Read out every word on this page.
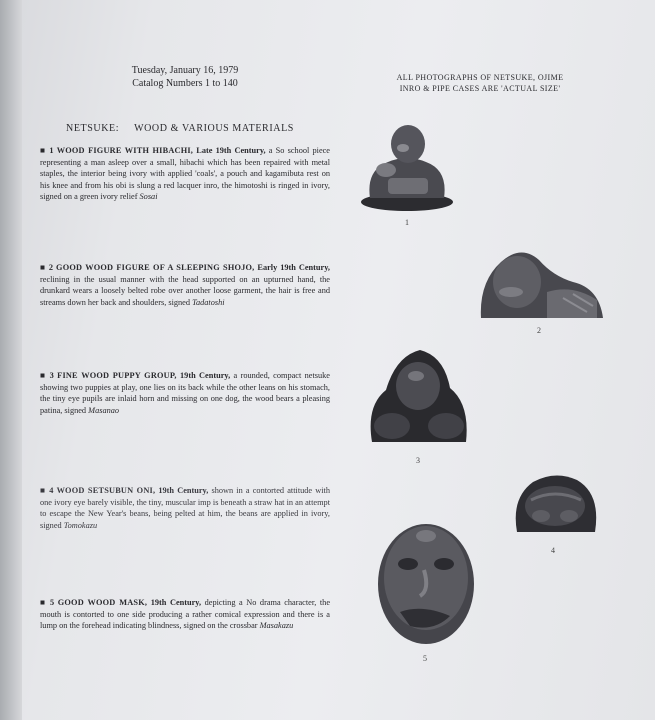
Tuesday, January 16, 1979
Catalog Numbers 1 to 140
ALL PHOTOGRAPHS OF NETSUKE, OJIME
INRO & PIPE CASES ARE 'ACTUAL SIZE'
NETSUKE: WOOD & VARIOUS MATERIALS
■ 1 WOOD FIGURE WITH HIBACHI, Late 19th Century, a So school piece representing a man asleep over a small, hibachi which has been repaired with metal staples, the interior being ivory with applied 'coals', a pouch and kagamibuta rest on his knee and from his obi is slung a red lacquer inro, the himotoshi is ringed in ivory, signed on a green ivory relief Sosai
■ 2 GOOD WOOD FIGURE OF A SLEEPING SHOJO, Early 19th Century, reclining in the usual manner with the head supported on an upturned hand, the drunkard wears a loosely belted robe over another loose garment, the hair is free and streams down her back and shoulders, signed Tadatoshi
■ 3 FINE WOOD PUPPY GROUP, 19th Century, a rounded, compact netsuke showing two puppies at play, one lies on its back while the other leans on his stomach, the tiny eye pupils are inlaid horn and missing on one dog, the wood bears a pleasing patina, signed Masanao
■ 4 WOOD SETSUBUN ONI, 19th Century, shown in a contorted attitude with one ivory eye barely visible, the tiny, muscular imp is beneath a straw hat in an attempt to escape the New Year's beans, being pelted at him, the beans are applied in ivory, signed Tomokazu
■ 5 GOOD WOOD MASK, 19th Century, depicting a No drama character, the mouth is contorted to one side producing a rather comical expression and there is a lump on the forehead indicating blindness, signed on the crossbar Masakazu
1
2
3
4
5
